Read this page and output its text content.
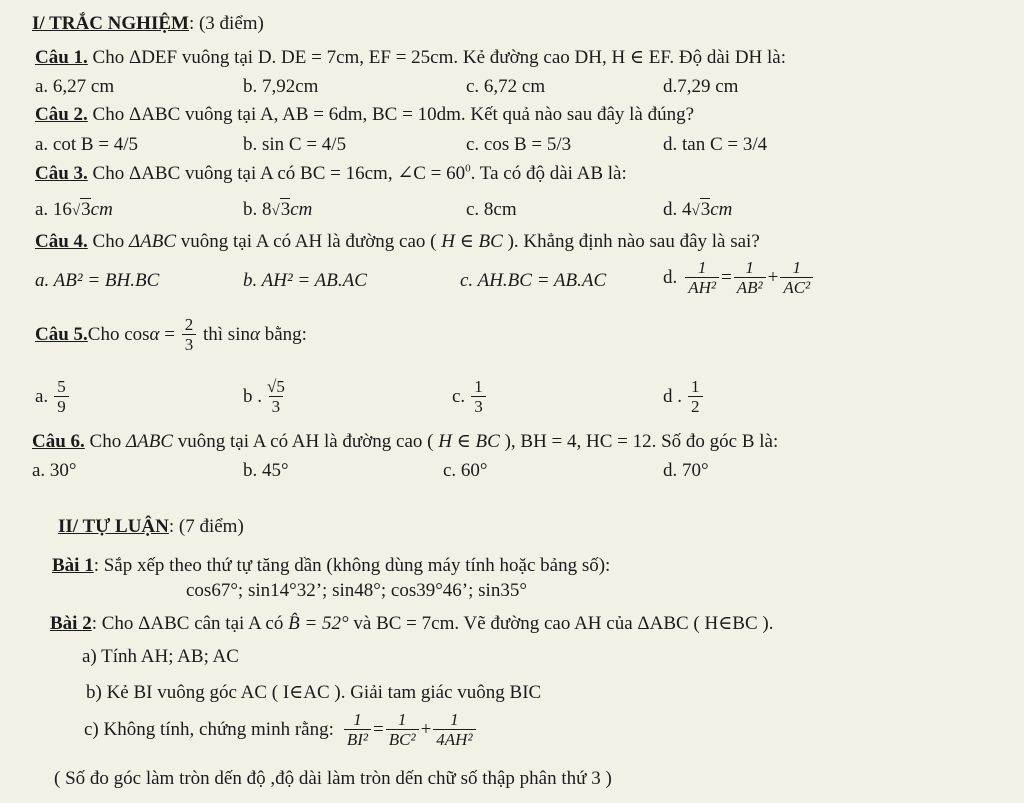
I/ TRẮC NGHIỆM: (3 điểm)
Câu 1. Cho ΔDEF vuông tại D. DE = 7cm, EF = 25cm. Kẻ đường cao DH, H ∈ EF. Độ dài DH là:
a. 6,27 cm	b. 7,92cm	c. 6,72 cm	d.7,29 cm
Câu 2. Cho ΔABC vuông tại A, AB = 6dm, BC = 10dm. Kết quả nào sau đây là đúng?
a. cot B = 4/5	b. sin C = 4/5	c. cos B = 5/3	d. tan C = 3/4
Câu 3. Cho ΔABC vuông tại A có BC = 16cm, ∠C = $60^0$. Ta có độ dài AB là:
a. 16√3cm	b. 8√3cm	c. 8cm	d. 4√3cm
Câu 4. Cho ΔABC vuông tại A có AH là đường cao ( H ∈ BC ). Khẳng định nào sau đây là sai?
a. AB² = BH.BC	b. AH² = AB.AC	c. AH.BC = AB.AC	d. $\frac{1}{\text{AH²}} = \frac{1}{\text{AB²}} + \frac{1}{\text{AC²}}$
Câu 5. Cho $\cos \alpha = \frac{2}{3}$ thì sin α bằng:
a. $\frac{5}{9}$	b . $\frac{√5}{3}$	c. $\frac{1}{3}$	d . $\frac{1}{2}$
Câu 6. Cho ΔABC vuông tại A có AH là đường cao ( H ∈ BC ), BH = 4, HC = 12. Số đo góc B là:
a. 30°	b. 45°	c. 60°	d. 70°
II/ TỰ LUẬN: (7 điểm)
Bài 1: Sắp xếp theo thứ tự tăng dần (không dùng máy tính hoặc bảng số):
cos67°; sin14°32’; sin48°; cos39°46’; sin35°
Bài 2: Cho ΔABC cân tại A có B̂ = 52° và BC = 7cm. Vẽ đường cao AH của ΔABC ( H∈BC ).
a) Tính AH; AB; AC
b) Kẻ BI vuông góc AC ( I∈AC ). Giải tam giác vuông BIC
c) Không tính, chứng minh rằng: $\frac{1}{\text{BI²}} = \frac{1}{\text{BC²}} + \frac{1}{\text{4AH²}}$
( Số đo góc làm tròn dến độ ,độ dài làm tròn dến chữ số thập phân thứ 3 )
